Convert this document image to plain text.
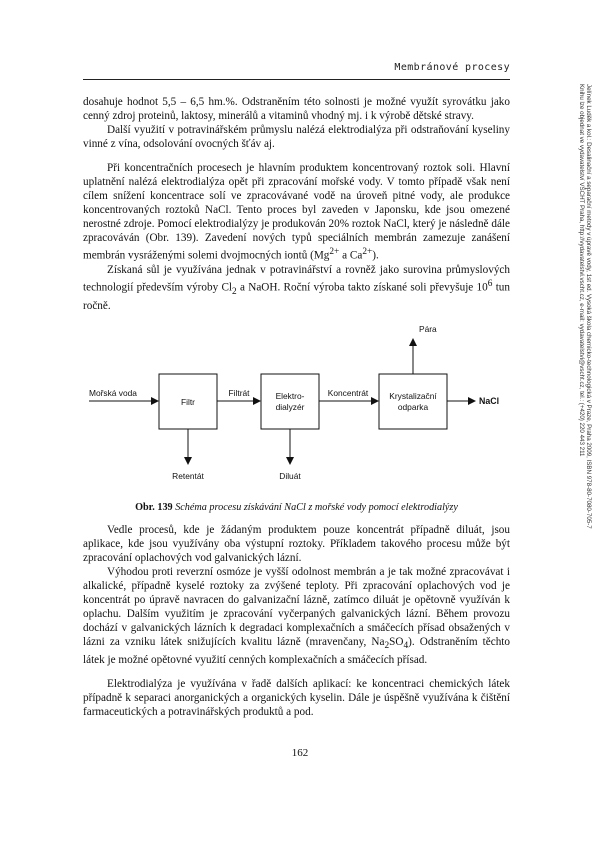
Membránové procesy
Jelínek Luděk a kol.: Desalinační a separační metody v úpravě vody, 1st ed. Vysoká škola chemicko-technologická v Praze, Praha 2009, ISBN 978-80-7080-705-7
Knihu lze objednat ve vydavatelství VŠCHT Praha, http://vydavatelstvi.vscht.cz, e-mail: vydavatelstvi@vscht.cz, tel.: (+420) 220 443 211

dosahuje hodnot 5,5 – 6,5 hm.%. Odstraněním této solnosti je možné využít syrovátku jako cenný zdroj proteinů, laktosy, minerálů a vitaminů vhodný mj. i k výrobě dětské stravy.

Další využití v potravinářském průmyslu nalézá elektrodialýza při odstraňování kyseliny vinné z vína, odsolování ovocných šťáv aj.

Při koncentračních procesech je hlavním produktem koncentrovaný roztok soli. Hlavní uplatnění nalézá elektrodialýza opět při zpracování mořské vody. V tomto případě však není cílem snížení koncentrace solí ve zpracovávané vodě na úroveň pitné vody, ale produkce koncentrovaných roztoků NaCl. Tento proces byl zaveden v Japonsku, kde jsou omezené nerostné zdroje. Pomocí elektrodialýzy je produkován 20% roztok NaCl, který je následně dále zpracováván (Obr. 139). Zavedení nových typů speciálních membrán zamezuje zanášení membrán vysráženými solemi dvojmocných iontů ($Mg^{2+}$ a $Ca^{2+}$).

Získaná sůl je využívána jednak v potravinářství a rovněž jako surovina průmyslových technologií především výroby $Cl_2$ a NaOH. Roční výroba takto získané soli převyšuje $10^6$ tun ročně.

Mořská voda
Filtr
Filtrát	Elektro-
dialyzér
Koncentrát	Krystalizační
odparka
Pára
NaCl
Retentát	Diluát
Obr. 139 Schéma procesu získávání NaCl z mořské vody pomocí elektrodialýzy

Vedle procesů, kde je žádaným produktem pouze koncentrát případně diluát, jsou aplikace, kde jsou využívány oba výstupní roztoky. Příkladem takového procesu může být zpracování oplachových vod galvanických lázní.

Výhodou proti reverzní osmóze je vyšší odolnost membrán a je tak možné zpracovávat i alkalické, případně kyselé roztoky za zvýšené teploty. Při zpracování oplachových vod je koncentrát po úpravě navracen do galvanizační lázně, zatímco diluát je opětovně využíván k oplachu. Dalším využitím je zpracování vyčerpaných galvanických lázní. Během provozu dochází v galvanických lázních k degradaci komplexačních a smáčecích přísad obsažených v lázni za vzniku látek snižujících kvalitu lázně (mravenčany, $Na_2SO_4$). Odstraněním těchto látek je možné opětovné využití cenných komplexačních a smáčecích přísad.

Elektrodialýza je využívána v řadě dalších aplikací: ke koncentraci chemických látek případně k separaci anorganických a organických kyselin. Dále je úspěšně využívána k čištění farmaceutických a potravinářských produktů a pod.

162
